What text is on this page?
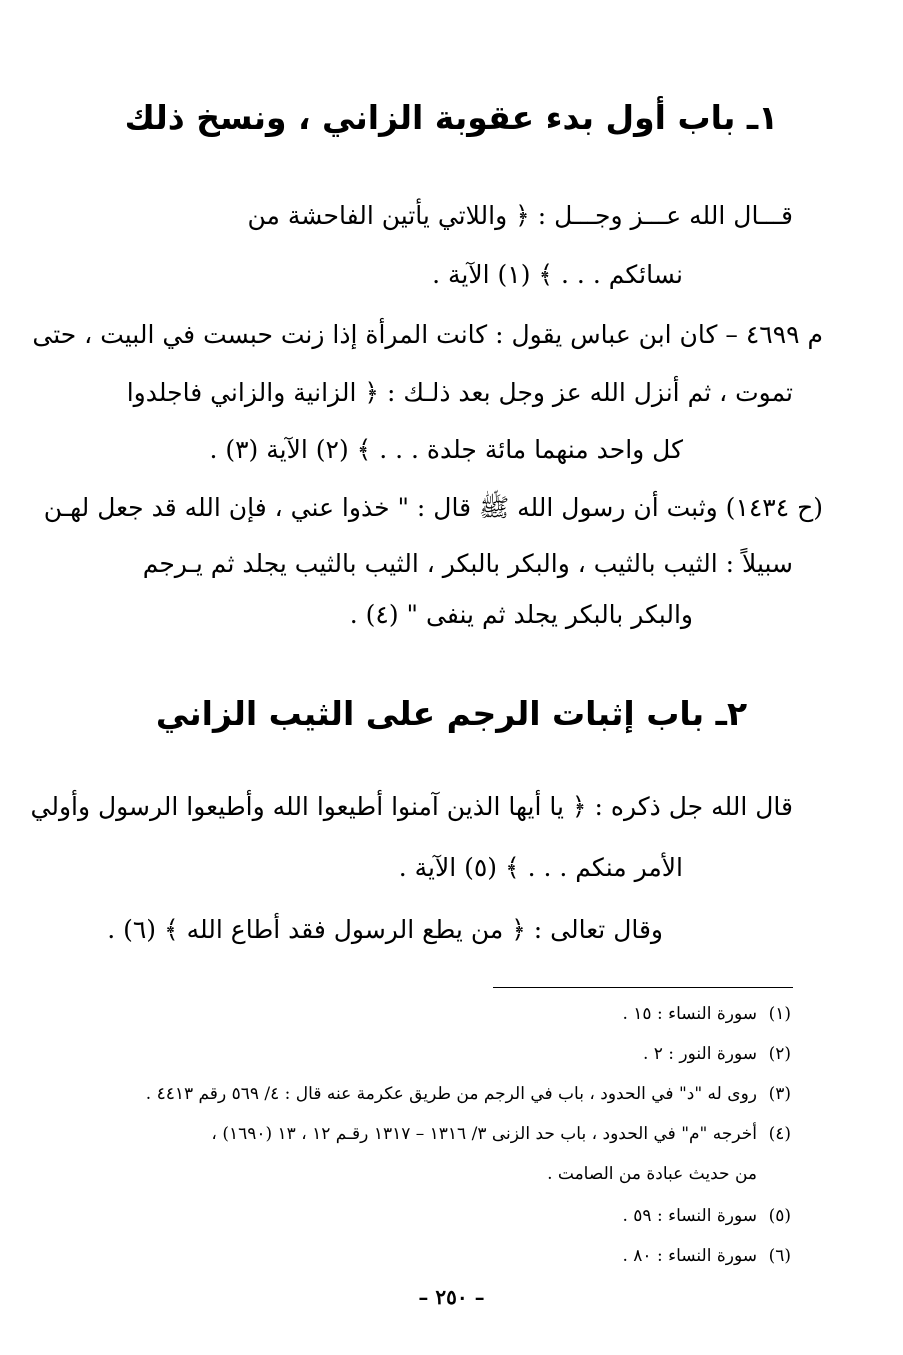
١ـ باب أول بدء عقوبة الزاني ، ونسخ ذلك
قـــال الله عـــز وجـــل : ﴿ واللاتي يأتين الفاحشة من
نسائكم . . . ﴾ (١) الآية .
م ٤٦٩٩ – كان ابن عباس يقول : كانت المرأة إذا زنت حبست في البيت ، حتى
تموت ، ثم أنزل الله عز وجل بعد ذلـك : ﴿ الزانية والزاني فاجلدوا
كل واحد منهما مائة جلدة . . . ﴾ (٢) الآية (٣) .
(ح ١٤٣٤) وثبت أن رسول الله ﷺ قال : " خذوا عني ، فإن الله قد جعل لهـن
سبيلاً : الثيب بالثيب ، والبكر بالبكر ، الثيب بالثيب يجلد ثم يـرجم
والبكر بالبكر يجلد ثم ينفى " (٤) .
٢ـ باب إثبات الرجم على الثيب الزاني
قال الله جل ذكره : ﴿ يا أيها الذين آمنوا أطيعوا الله وأطيعوا الرسول وأولي
الأمر منكم . . . ﴾ (٥) الآية .
وقال تعالى : ﴿ من يطع الرسول فقد أطاع الله ﴾ (٦) .
(١)سورة النساء : ١٥ .
(٢)سورة النور : ٢ .
(٣)روى له "د" في الحدود ، باب في الرجم من طريق عكرمة عنه قال : ٤/ ٥٦٩ رقم ٤٤١٣ .
(٤)أخرجه "م" في الحدود ، باب حد الزنى ٣/ ١٣١٦ – ١٣١٧ رقـم ١٢ ، ١٣ (١٦٩٠) ،
من حديث عبادة من الصامت .
(٥)سورة النساء : ٥٩ .
(٦)سورة النساء : ٨٠ .
– ٢٥٠ –
